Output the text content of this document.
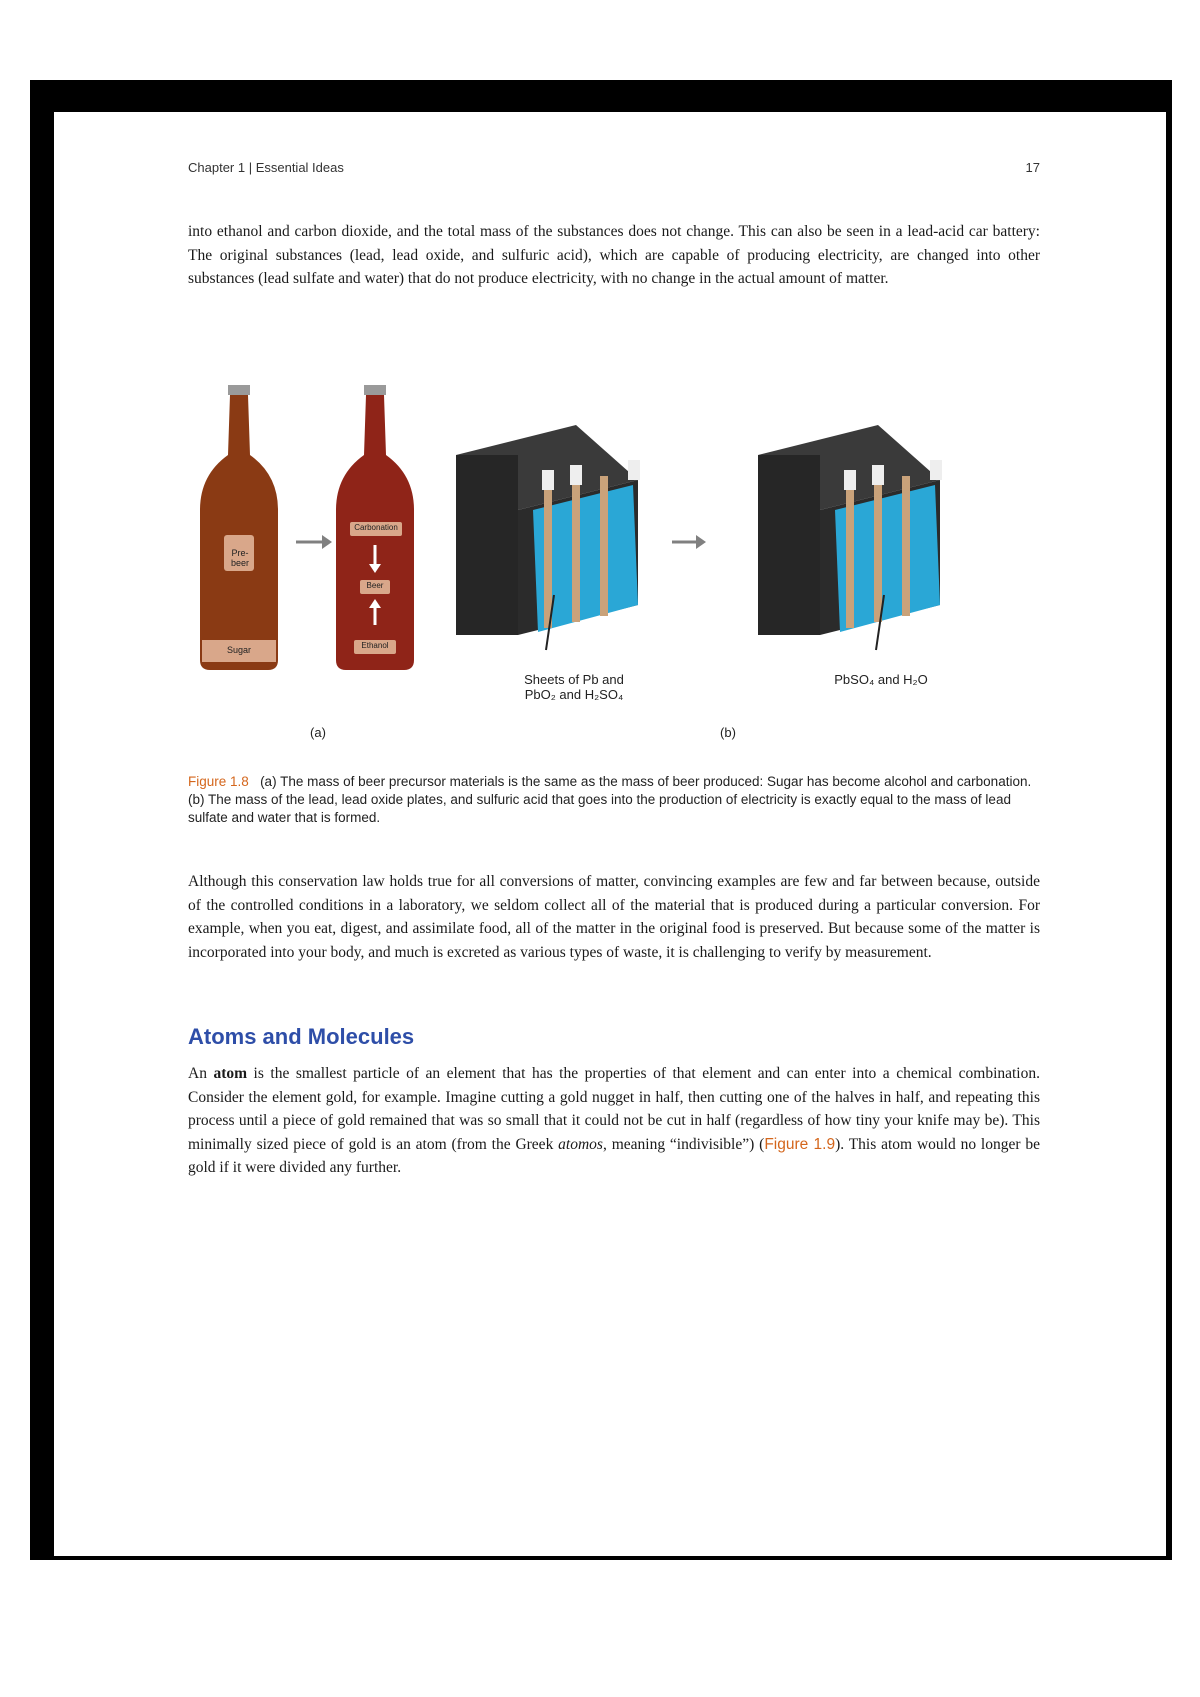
Chapter 1 | Essential Ideas	17
into ethanol and carbon dioxide, and the total mass of the substances does not change. This can also be seen in a lead-acid car battery: The original substances (lead, lead oxide, and sulfuric acid), which are capable of producing electricity, are changed into other substances (lead sulfate and water) that do not produce electricity, with no change in the actual amount of matter.
Pre-beer
Sugar
Carbonation
Beer
Ethanol
Sheets of Pb and PbO₂ and H₂SO₄
PbSO₄ and H₂O
(a)	(b)
Figure 1.8 (a) The mass of beer precursor materials is the same as the mass of beer produced: Sugar has become alcohol and carbonation. (b) The mass of the lead, lead oxide plates, and sulfuric acid that goes into the production of electricity is exactly equal to the mass of lead sulfate and water that is formed.
Although this conservation law holds true for all conversions of matter, convincing examples are few and far between because, outside of the controlled conditions in a laboratory, we seldom collect all of the material that is produced during a particular conversion. For example, when you eat, digest, and assimilate food, all of the matter in the original food is preserved. But because some of the matter is incorporated into your body, and much is excreted as various types of waste, it is challenging to verify by measurement.
Atoms and Molecules
An atom is the smallest particle of an element that has the properties of that element and can enter into a chemical combination. Consider the element gold, for example. Imagine cutting a gold nugget in half, then cutting one of the halves in half, and repeating this process until a piece of gold remained that was so small that it could not be cut in half (regardless of how tiny your knife may be). This minimally sized piece of gold is an atom (from the Greek atomos, meaning “indivisible”) (Figure 1.9). This atom would no longer be gold if it were divided any further.
